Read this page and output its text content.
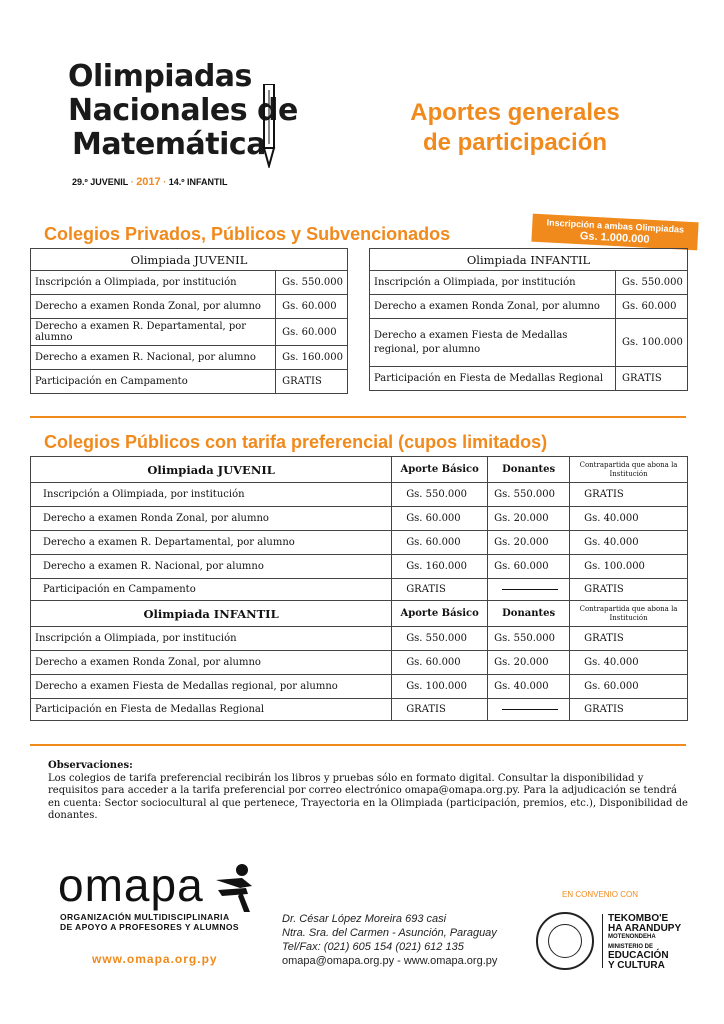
Olimpiadas
Nacionales de
Matemática
29.º JUVENIL · 2017 · 14.º INFANTIL
Aportes generales
de participación
Colegios Privados, Públicos y Subvencionados	Inscripción a ambas Olimpiadas
Gs. 1.000.000
Olimpiada JUVENIL	
Inscripción a Olimpiada, por institución	Gs. 550.000
Derecho a examen Ronda Zonal, por alumno	Gs. 60.000
Derecho a examen R. Departamental, por alumno	Gs. 60.000
Derecho a examen R. Nacional, por alumno	Gs. 160.000
Participación en Campamento	GRATIS
Olimpiada INFANTIL	
Inscripción a Olimpiada, por institución	Gs. 550.000
Derecho a examen Ronda Zonal, por alumno	Gs. 60.000
Derecho a examen Fiesta de Medallas regional, por alumno	Gs. 100.000
Participación en Fiesta de Medallas Regional	GRATIS
Colegios Públicos con tarifa preferencial (cupos limitados)
Olimpiada JUVENIL	Aporte Básico	Donantes	Contrapartida que abona la Institución
Inscripción a Olimpiada, por institución	Gs. 550.000	Gs. 550.000	GRATIS
Derecho a examen Ronda Zonal, por alumno	Gs. 60.000	Gs. 20.000	Gs. 40.000
Derecho a examen R. Departamental, por alumno	Gs. 60.000	Gs. 20.000	Gs. 40.000
Derecho a examen R. Nacional, por alumno	Gs. 160.000	Gs. 60.000	Gs. 100.000
Participación en Campamento	GRATIS		GRATIS
Olimpiada INFANTIL	Aporte Básico	Donantes	Contrapartida que abona la Institución
Inscripción a Olimpiada, por institución	Gs. 550.000	Gs. 550.000	GRATIS
Derecho a examen Ronda Zonal, por alumno	Gs. 60.000	Gs. 20.000	Gs. 40.000
Derecho a examen Fiesta de Medallas regional, por alumno	Gs. 100.000	Gs. 40.000	Gs. 60.000
Participación en Fiesta de Medallas Regional	GRATIS		GRATIS
Observaciones:
Los colegios de tarifa preferencial recibirán los libros y pruebas sólo en formato digital. Consultar la disponibilidad y requisitos para acceder a la tarifa preferencial por correo electrónico omapa@omapa.org.py. Para la adjudicación se tendrá en cuenta: Sector sociocultural al que pertenece, Trayectoria en la Olimpiada (participación, premios, etc.), Disponibilidad de donantes.
omapa
ORGANIZACIÓN MULTIDISCIPLINARIA
DE APOYO A PROFESORES Y ALUMNOS
www.omapa.org.py
Dr. César López Moreira 693 casi
Ntra. Sra. del Carmen - Asunción, Paraguay
Tel/Fax: (021) 605 154 (021) 612 135
omapa@omapa.org.py - www.omapa.org.py
EN CONVENIO CON
TEKOMBO'E
HA ARANDUPY
MOTENONDEHA
MINISTERIO DE
EDUCACIÓN
Y CULTURA
